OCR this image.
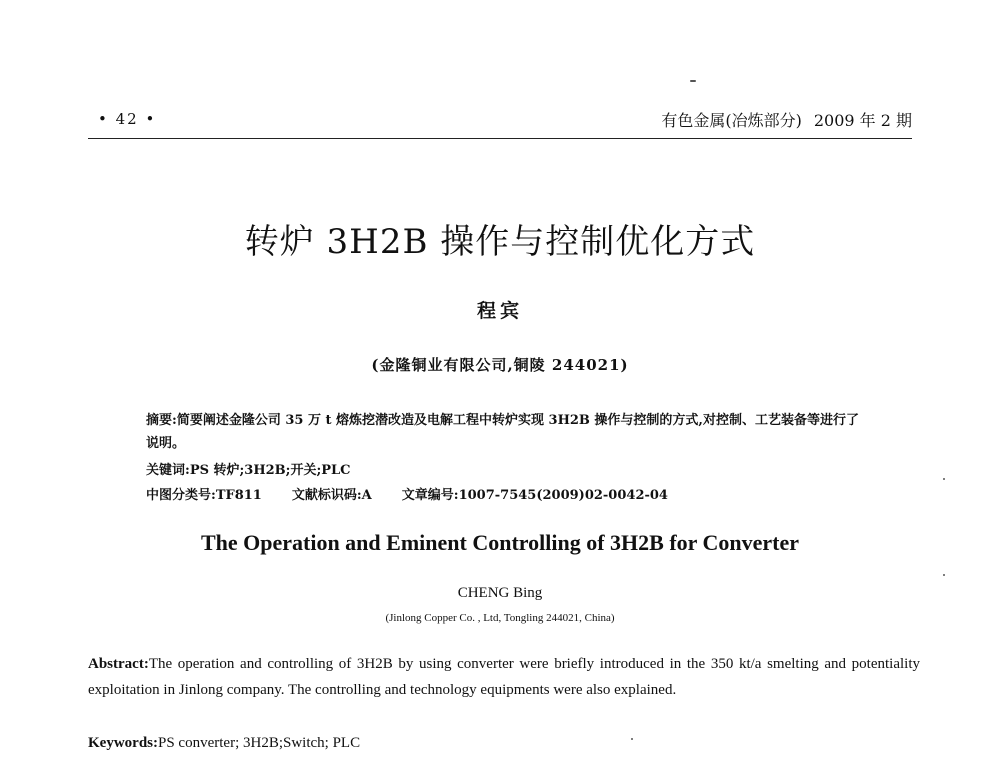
• 42 •	有色金属(冶炼部分) 2009 年 2 期
转炉 3H2B 操作与控制优化方式
程宾
(金隆铜业有限公司,铜陵 244021)
摘要:简要阐述金隆公司 35 万 t 熔炼挖潜改造及电解工程中转炉实现 3H2B 操作与控制的方式,对控制、工艺装备等进行了说明。
关键词:PS 转炉;3H2B;开关;PLC
中图分类号:TF811 文献标识码:A 文章编号:1007-7545(2009)02-0042-04
The Operation and Eminent Controlling of 3H2B for Converter
CHENG Bing
(Jinlong Copper Co. , Ltd, Tongling 244021, China)
Abstract:The operation and controlling of 3H2B by using converter were briefly introduced in the 350 kt/a smelting and potentiality exploitation in Jinlong company. The controlling and technology equipments were also explained.
Keywords:PS converter; 3H2B;Switch; PLC
